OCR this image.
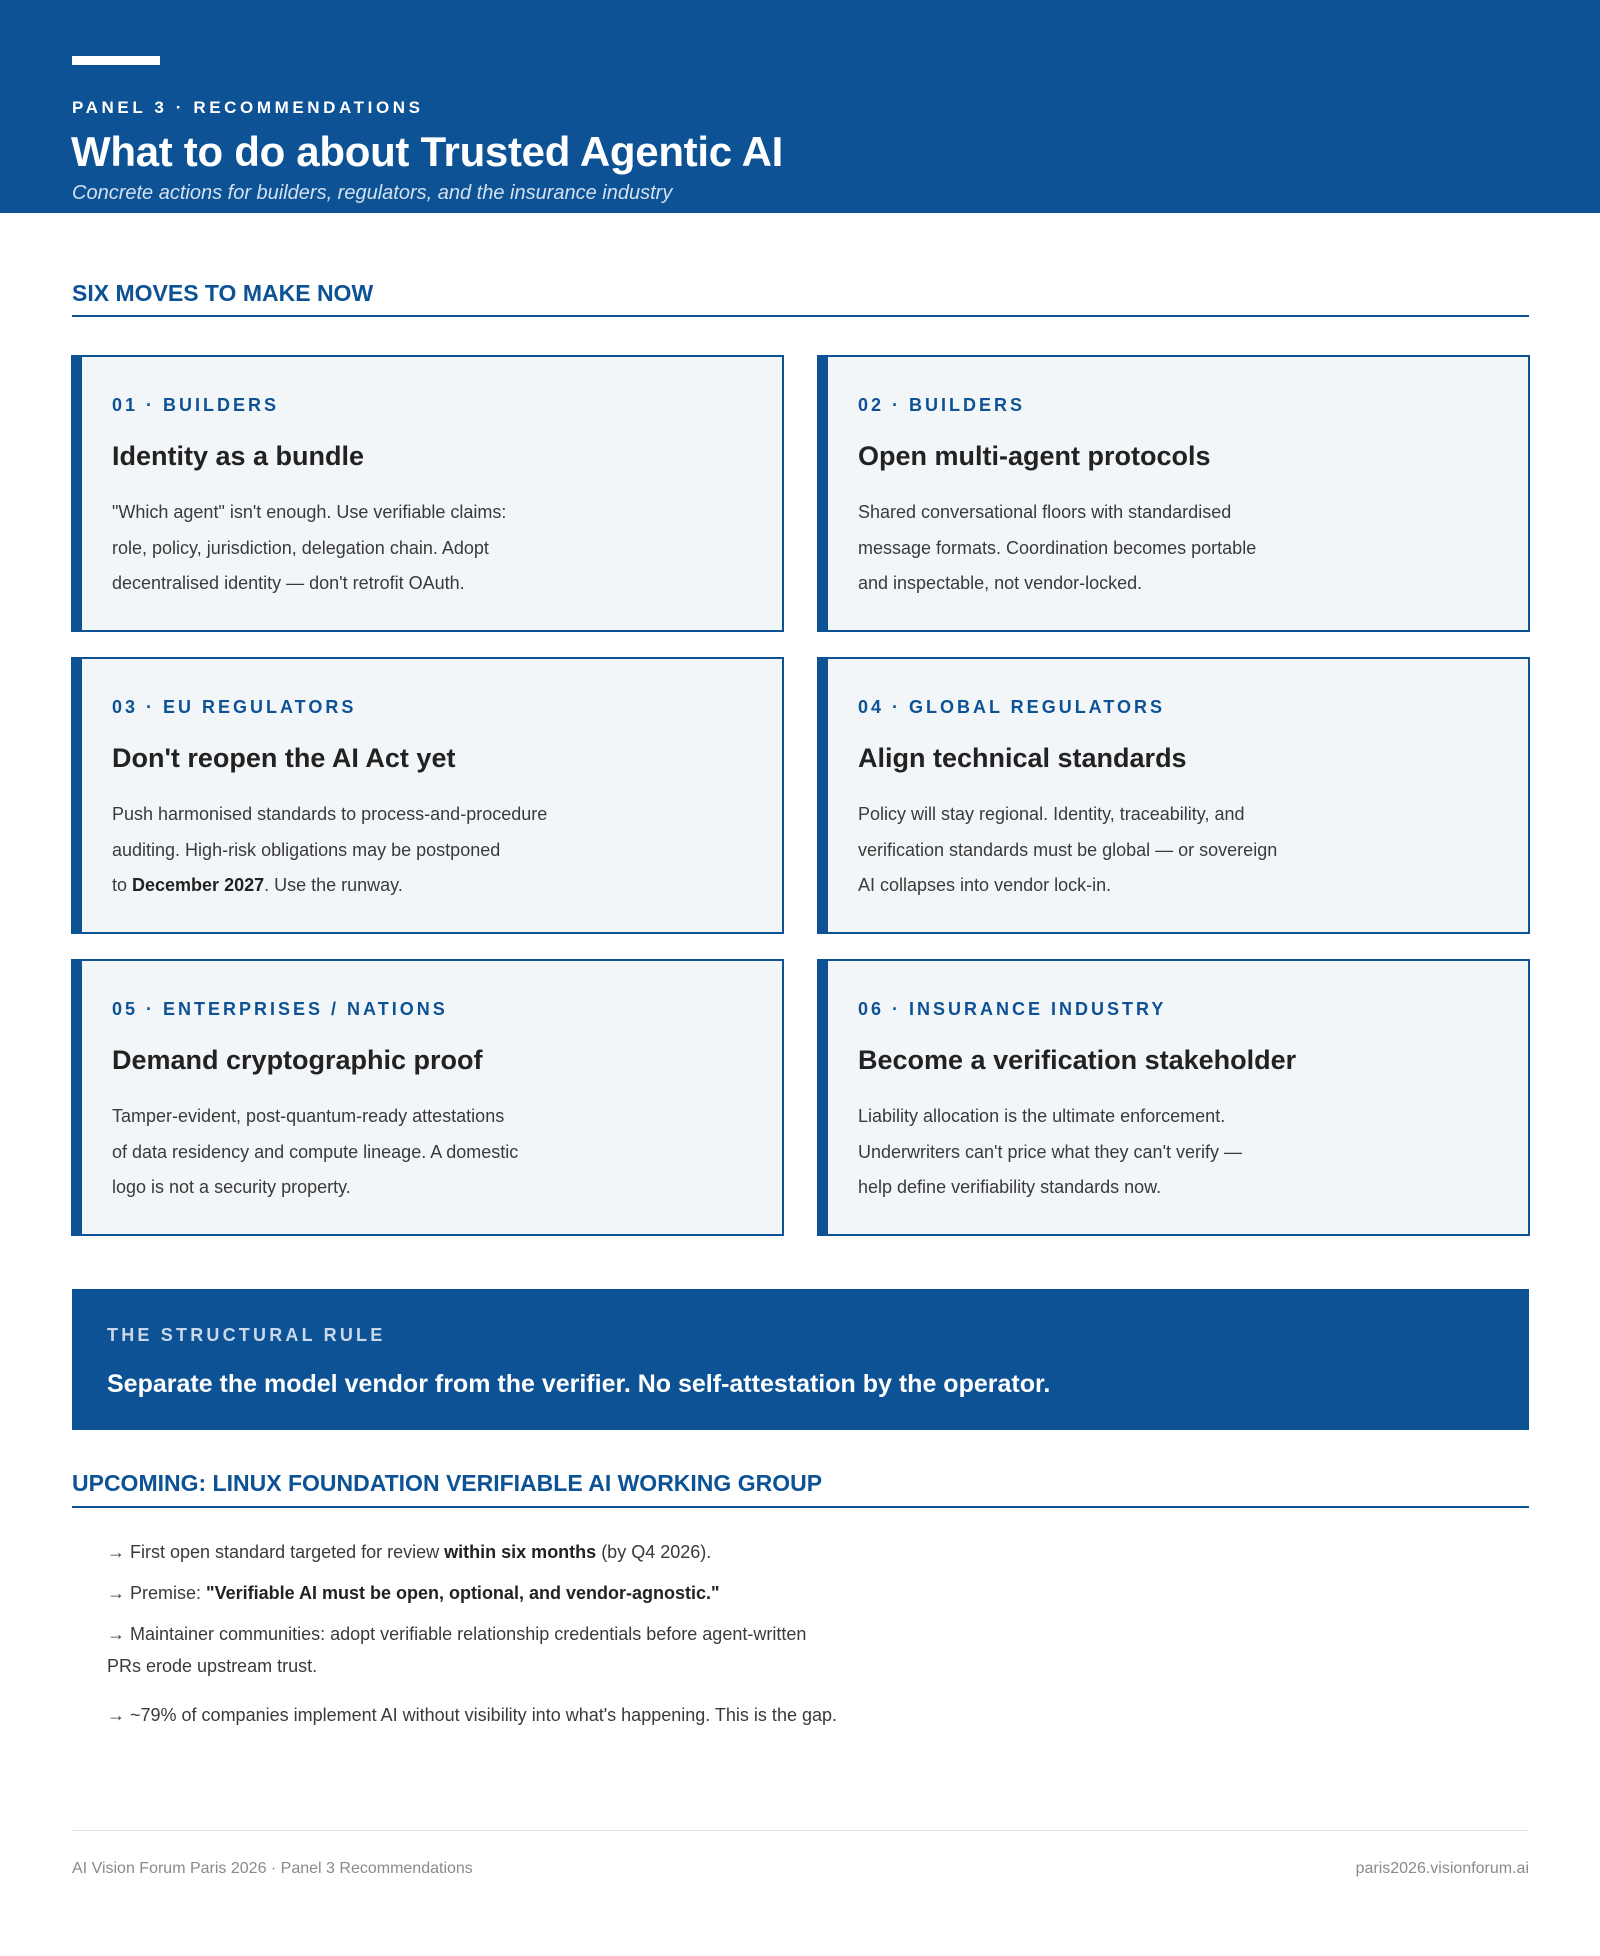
PANEL 3 · RECOMMENDATIONS
What to do about Trusted Agentic AI
Concrete actions for builders, regulators, and the insurance industry
SIX MOVES TO MAKE NOW
01 · BUILDERS
Identity as a bundle
"Which agent" isn't enough. Use verifiable claims:
role, policy, jurisdiction, delegation chain. Adopt
decentralised identity — don't retrofit OAuth.
02 · BUILDERS
Open multi-agent protocols
Shared conversational floors with standardised
message formats. Coordination becomes portable
and inspectable, not vendor-locked.
03 · EU REGULATORS
Don't reopen the AI Act yet
Push harmonised standards to process-and-procedure
auditing. High-risk obligations may be postponed
to December 2027. Use the runway.
04 · GLOBAL REGULATORS
Align technical standards
Policy will stay regional. Identity, traceability, and
verification standards must be global — or sovereign
AI collapses into vendor lock-in.
05 · ENTERPRISES / NATIONS
Demand cryptographic proof
Tamper-evident, post-quantum-ready attestations
of data residency and compute lineage. A domestic
logo is not a security property.
06 · INSURANCE INDUSTRY
Become a verification stakeholder
Liability allocation is the ultimate enforcement.
Underwriters can't price what they can't verify —
help define verifiability standards now.
THE STRUCTURAL RULE
Separate the model vendor from the verifier. No self-attestation by the operator.
UPCOMING: LINUX FOUNDATION VERIFIABLE AI WORKING GROUP
→ First open standard targeted for review within six months (by Q4 2026).
→ Premise: "Verifiable AI must be open, optional, and vendor-agnostic."
→ Maintainer communities: adopt verifiable relationship credentials before agent-written
PRs erode upstream trust.
→ ~79% of companies implement AI without visibility into what's happening. This is the gap.
AI Vision Forum Paris 2026 · Panel 3 Recommendations	paris2026.visionforum.ai
